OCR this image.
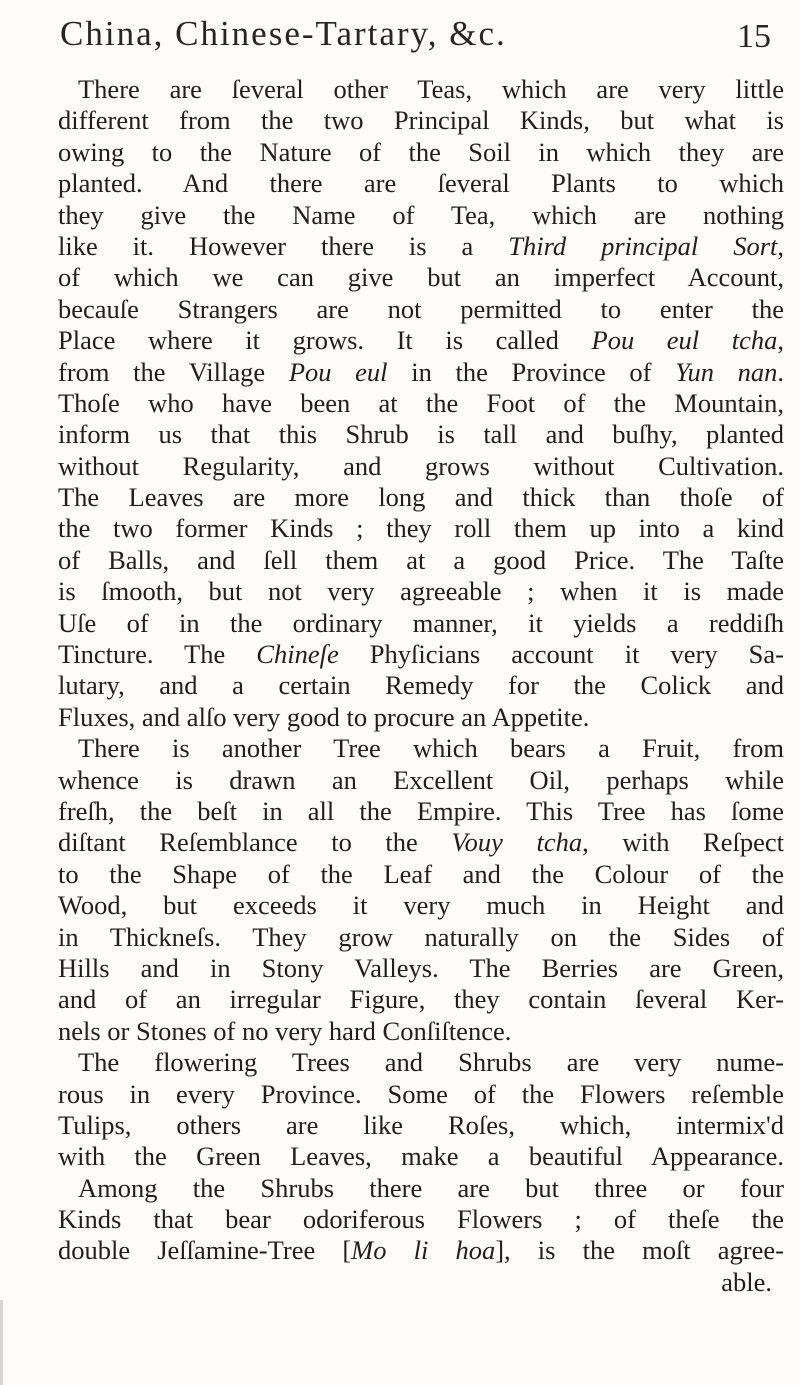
China, Chinese-Tartary, &c.	15
There are ſeveral other Teas, which are very little
different from the two Principal Kinds, but what is
owing to the Nature of the Soil in which they are
planted. And there are ſeveral Plants to which
they give the Name of Tea, which are nothing
like it. However there is a Third principal Sort,
of which we can give but an imperfect Account,
becauſe Strangers are not permitted to enter the
Place where it grows. It is called Pou eul tcha,
from the Village Pou eul in the Province of Yun nan.
Thoſe who have been at the Foot of the Mountain,
inform us that this Shrub is tall and buſhy, planted
without Regularity, and grows without Cultivation.
The Leaves are more long and thick than thoſe of
the two former Kinds ; they roll them up into a kind
of Balls, and ſell them at a good Price. The Taſte
is ſmooth, but not very agreeable ; when it is made
Uſe of in the ordinary manner, it yields a reddiſh
Tincture. The Chineſe Phyſicians account it very Sa-
lutary, and a certain Remedy for the Colick and
Fluxes, and alſo very good to procure an Appetite.
There is another Tree which bears a Fruit, from
whence is drawn an Excellent Oil, perhaps while
freſh, the beſt in all the Empire. This Tree has ſome
diſtant Reſemblance to the Vouy tcha, with Reſpect
to the Shape of the Leaf and the Colour of the
Wood, but exceeds it very much in Height and
in Thickneſs. They grow naturally on the Sides of
Hills and in Stony Valleys. The Berries are Green,
and of an irregular Figure, they contain ſeveral Ker-
nels or Stones of no very hard Conſiſtence.
The flowering Trees and Shrubs are very nume-
rous in every Province. Some of the Flowers reſemble
Tulips, others are like Roſes, which, intermix'd
with the Green Leaves, make a beautiful Appearance.
Among the Shrubs there are but three or four
Kinds that bear odoriferous Flowers ; of theſe the
double Jeſſamine-Tree [Mo li hoa], is the moſt agree-
able.
